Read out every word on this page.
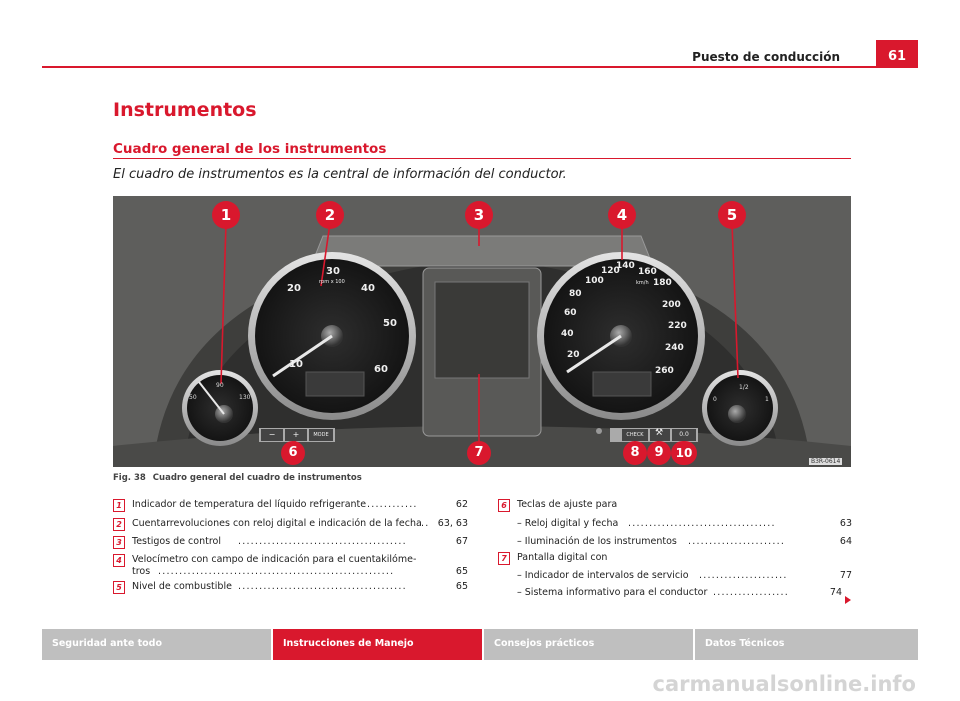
Puesto de conducción	61
Instrumentos
Cuadro general de los instrumentos
El cuadro de instrumentos es la central de información del conductor.
10
20
30
40
50
60
rpm x 100
20
40
60
80
100
120
140
160
180
200
220
240
260
km/h
50
90
130	0
1/2
1
−	+	MODE	CHECK	⚒	0.0
1	2	3	4	5
6	7	8	9	10
B3R-0614
Fig. 38 Cuadro general del cuadro de instrumentos
1	Indicador de temperatura del líquido refrigerante ............	62
2	Cuentarrevoluciones con reloj digital e indicación de la fecha .. 63, 63
3	Testigos de control ........................................	67
4	Velocímetro con campo de indicación para el cuentakilóme-
tros ........................................................	65
5	Nivel de combustible ........................................	65
6	Teclas de ajuste para
– Reloj digital y fecha ...................................	63
– Iluminación de los instrumentos .......................	64
7	Pantalla digital con
– Indicador de intervalos de servicio .....................	77
– Sistema informativo para el conductor ..................	74
Seguridad ante todo	Instrucciones de Manejo	Consejos prácticos	Datos Técnicos
carmanualsonline.info
